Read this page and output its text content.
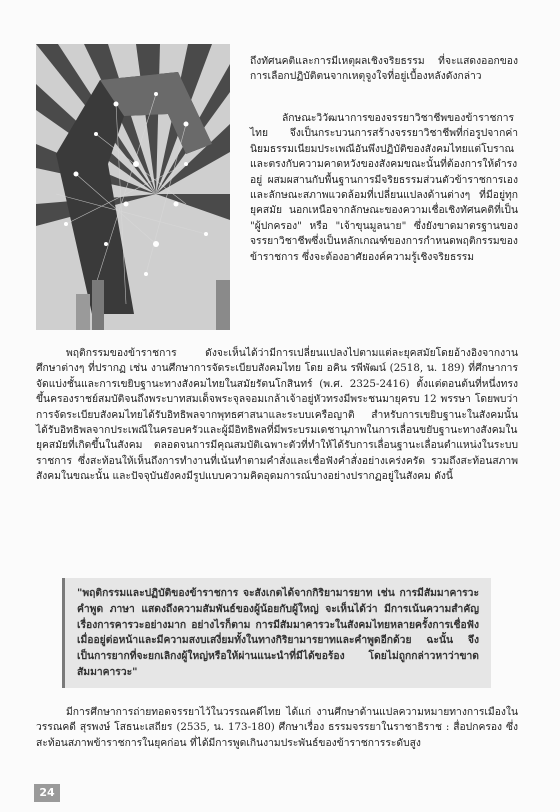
ถึงทัศนคติและการมีเหตุผลเชิงจริยธรรม ที่จะแสดงออกของการเลือกปฏิบัติตนจากเหตุจูงใจที่อยู่เบื้องหลังดังกล่าว

ลักษณะวิวัฒนาการของจรรยาวิชาชีพของข้าราชการไทย จึงเป็นกระบวนการสร้างจรรยาวิชาชีพที่ก่อรูปจากค่านิยมธรรมเนียมประเพณีอันพึงปฏิบัติของสังคมไทยแต่โบราณและตรงกับความคาดหวังของสังคมขณะนั้นที่ต้องการให้ดำรงอยู่ ผสมผสานกับพื้นฐานการมีจริยธรรมส่วนตัวข้าราชการเองและลักษณะสภาพแวดล้อมที่เปลี่ยนแปลงด้านต่างๆ ที่มีอยู่ทุกยุคสมัย นอกเหนือจากลักษณะของความเชื่อเชิงทัศนคติที่เป็น "ผู้ปกครอง" หรือ "เจ้าขุนมูลนาย" ซึ่งยังขาดมาตรฐานของจรรยาวิชาชีพซึ่งเป็นหลักเกณฑ์ของการกำหนดพฤติกรรมของข้าราชการ ซึ่งจะต้องอาศัยองค์ความรู้เชิงจริยธรรม

พฤติกรรมของข้าราชการ ดังจะเห็นได้ว่ามีการเปลี่ยนแปลงไปตามแต่ละยุคสมัยโดยอ้างอิงจากงานศึกษาต่างๆ ที่ปรากฏ เช่น งานศึกษาการจัดระเบียบสังคมไทย โดย อคิน รพีพัฒน์ (2518, น. 189) ที่ศึกษาการจัดแบ่งชั้นและการเขยิบฐานะทางสังคมไทยในสมัยรัตนโกสินทร์ (พ.ศ. 2325-2416) ตั้งแต่ตอนต้นที่หนึ่งทรงขึ้นครองราชย์สมบัติจนถึงพระบาทสมเด็จพระจุลจอมเกล้าเจ้าอยู่หัวทรงมีพระชนมายุครบ 12 พรรษา โดยพบว่า การจัดระเบียบสังคมไทยได้รับอิทธิพลจากพุทธศาสนาและระบบเครือญาติ สำหรับการเขยิบฐานะในสังคมนั้น ได้รับอิทธิพลจากประเพณีในครอบครัวและผู้มีอิทธิพลที่มีพระบรมเดชานุภาพในการเลื่อนขยับฐานะทางสังคมในยุคสมัยที่เกิดขึ้นในสังคม ตลอดจนการมีคุณสมบัติเฉพาะตัวที่ทำให้ได้รับการเลื่อนฐานะเลื่อนตำแหน่งในระบบราชการ ซึ่งสะท้อนให้เห็นถึงการทำงานที่เน้นทำตามคำสั่งและเชื่อฟังคำสั่งอย่างเคร่งครัด รวมถึงสะท้อนสภาพสังคมในขณะนั้น และปัจจุบันยังคงมีรูปแบบความคิดอุดมการณ์บางอย่างปรากฏอยู่ในสังคม ดังนี้

"พฤติกรรมและปฏิบัติของข้าราชการ จะสังเกตได้จากกิริยามารยาท เช่น การมีสัมมาคารวะ คำพูด ภาษา แสดงถึงความสัมพันธ์ของผู้น้อยกับผู้ใหญ่ จะเห็นได้ว่า มีการเน้นความสำคัญเรื่องการคารวะอย่างมาก อย่างไรก็ตาม การมีสัมมาคารวะในสังคมไทยหลายครั้งการเชื่อฟังเมื่ออยู่ต่อหน้าและมีความสงบเสงี่ยมทั้งในทางกิริยามารยาทและคำพูดอีกด้วย ฉะนั้น จึงเป็นการยากที่จะยกเลิกงผู้ใหญ่หรือให้ผ่านแนะนำที่มีได้ขอร้อง โดยไม่ถูกกล่าวหาว่าขาดสัมมาคารวะ"

มีการศึกษาการถ่ายทอดจรรยาไว้ในวรรณคดีไทย ได้แก่ งานศึกษาด้านแปลความหมายทางการเมืองในวรรณคดี สุรพงษ์ โสธนะเสถียร (2535, น. 173-180) ศึกษาเรื่อง ธรรมจรรยาในราชาธิราช : สื่อปกครอง ซึ่งสะท้อนสภาพข้าราชการในยุคก่อน ที่ได้มีการพูดเกินงามประพันธ์ของข้าราชการระดับสูง

24
